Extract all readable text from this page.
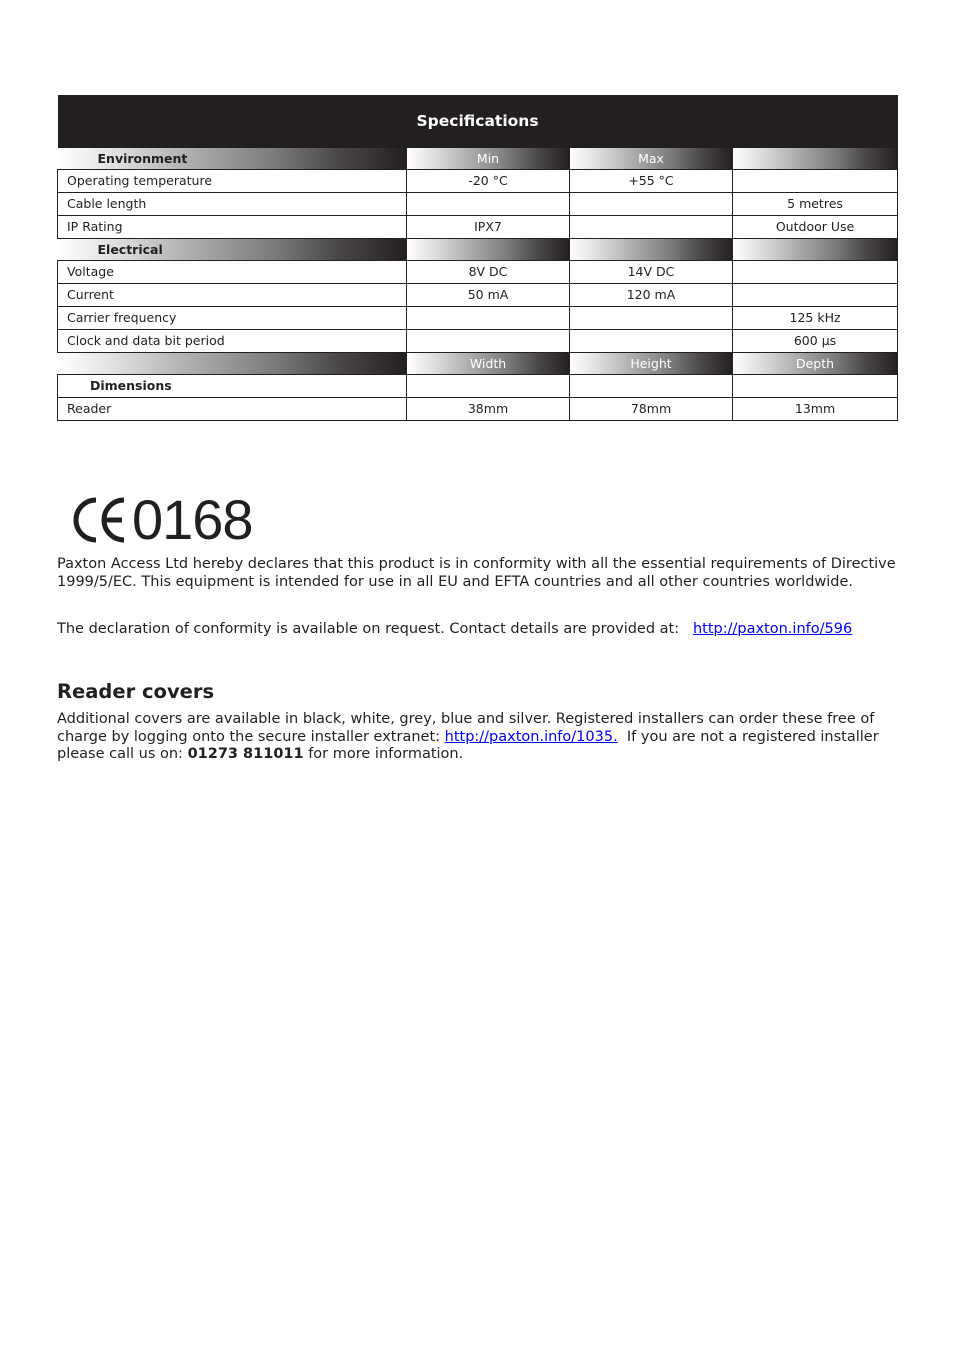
Specifications			
Environment	Min	Max	
Operating temperature	-20 °C	+55 °C	
Cable length			5 metres
IP Rating	IPX7		Outdoor Use
Electrical			
Voltage	8V DC	14V DC	
Current	50 mA	120 mA	
Carrier frequency			125 kHz
Clock and data bit period			600 µs
	Width	Height	Depth
Dimensions			
Reader	38mm	78mm	13mm
0168

Paxton Access Ltd hereby declares that this product is in conformity with all the essential requirements of Directive 1999/5/EC. This equipment is intended for use in all EU and EFTA countries and all other countries worldwide.

The declaration of conformity is available on request. Contact details are provided at: http://paxton.info/596

Reader covers

Additional covers are available in black, white, grey, blue and silver. Registered installers can order these free of charge by logging onto the secure installer extranet: http://paxton.info/1035. If you are not a registered installer please call us on: 01273 811011 for more information.
